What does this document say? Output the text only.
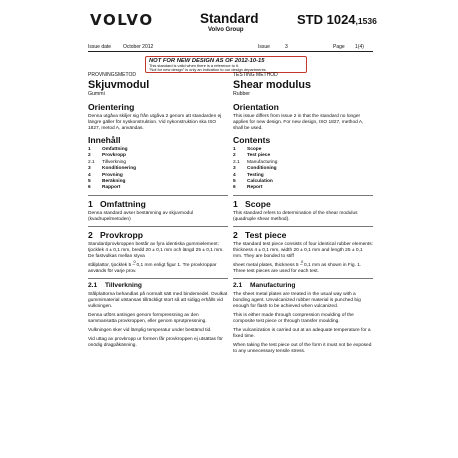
VOLVO	Standard
Volvo Group
STD 1024,1536
Issue date October 2012	Issue	3	Page 1(4)
NOT FOR NEW DESIGN AS OF 2012-10-15
This standard is valid when there is a reference to it.
"Not for new design" is only an indication to our design departments.
PROVNINGSMETOD
Skjuvmodul
Gummi
Orientering
Denna utgåva skiljer sig från utgåva 2 genom att standarden ej längre gäller för nyskonstruktion. Vid nykonstruktion ska ISO 1827, metod A, användas.
Innehåll
1	Omfattning
2	Provkropp
2.1	Tillverkning
3	Konditionering
4	Provning
5	Beräkning
6	Rapport
1 Omfattning
Denna standard avser bestämning av skjuvmodul (kvadrupelmetoden)
2 Provkropp
Standardprovkroppen består av fyra identiska gummielement: tjocklek 4 ± 0,1 mm, bredd 20 ± 0,1 mm och längd 25 ± 0,1 mm. De fastvulkas mellan styva
stålplattor, tjocklek 5
0
– 0,1 mm enligt figur 1. Tre provkroppar används för varje prov.
2.1	Tillverkning
Stålplattorna behandlas på normalt sätt med bindemedel. Ovulkat gummimaterial utstansas tillräckligt stort så att sidigg erhålls vid vulkningen.
Denna utförs antingen genom formpressning av den sammansatta provkroppen, eller genom sprutpressning.
Vulkningen sker vid lämplig temperatur under bestämd tid.
Vid uttag av provkropp ur formen får provkroppen ej utsättas för onödig dragpåkänning.
TESTING METHOD
Shear modulus
Rubber
Orientation
This issue differs from issue 2 in that the standard no longer applies for new design. For new design, ISO 1827, method A, shall be used.
Contents
1	Scope
2	Test piece
2.1	Manufacturing
3	Conditioning
4	Testing
5	Calculation
6	Report
1 Scope
This standard refers to determination of the shear modulus (quadruple shear method).
2 Test piece
The standard test piece consists of four identical rubber elements: thickness 4 ± 0,1 mm, width 20 ± 0,1 mm and length 25 ± 0,1 mm. They are bonded to stiff
sheet metal plates, thickness 5
0
– 0,1 mm as shown in Fig. 1. Three test pieces are used for each test.
2.1	Manufacturing
The sheet metal plates are treated in the usual way with a bonding agent. Unvulcanized rubber material is punched big enough for flash to be achieved when vulcanized.
This is either made through compression moulding of the composite test piece or through transfer moulding.
The vulcanization is carried out at an adequate temperature for a fixed time.
When taking the test piece out of the form it must not be exposed to any unnecessary tensile stress.
